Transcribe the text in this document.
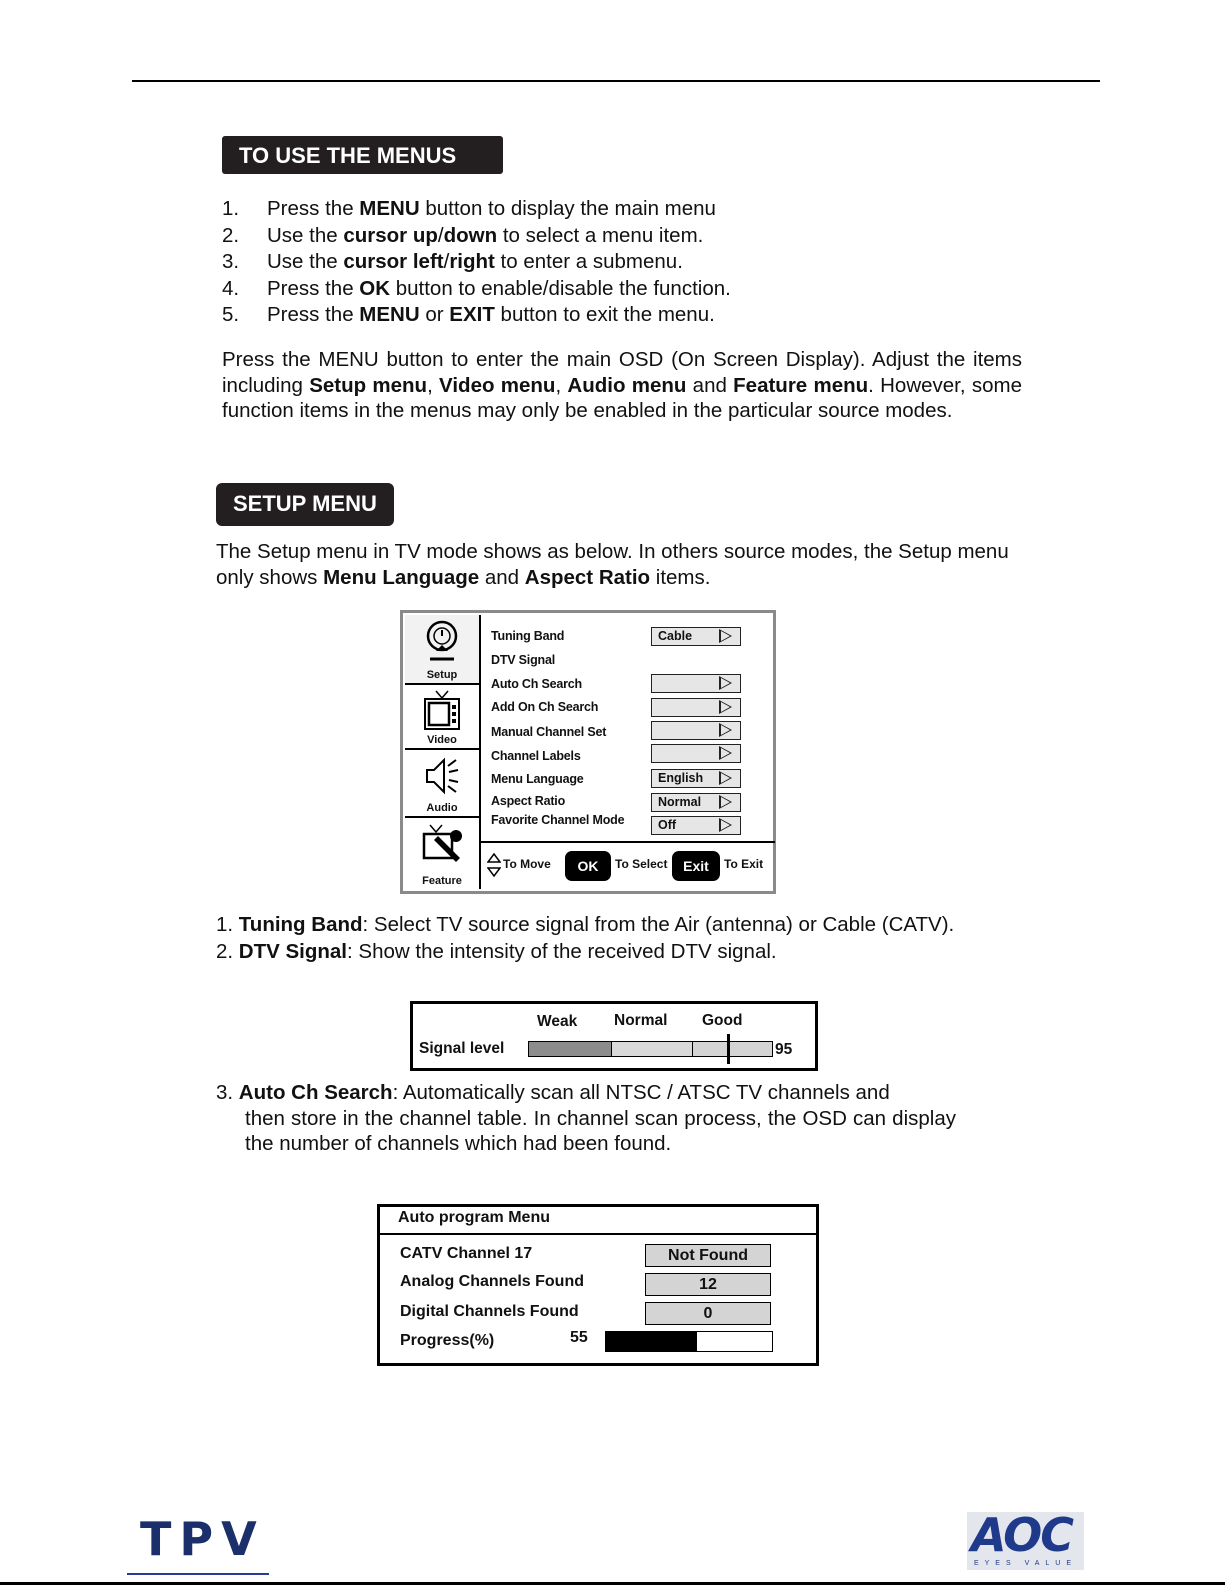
TO USE THE MENUS
1. Press the MENU button to display the main menu
2. Use the cursor up/down to select a menu item.
3. Use the cursor left/right to enter a submenu.
4. Press the OK button to enable/disable the function.
5. Press the MENU or EXIT button to exit the menu.

Press the MENU button to enter the main OSD (On Screen Display). Adjust the items including Setup menu, Video menu, Audio menu and Feature menu. However, some function items in the menus may only be enabled in the particular source modes.

SETUP MENU

The Setup menu in TV mode shows as below. In others source modes, the Setup menu only shows Menu Language and Aspect Ratio items.

Setup
Video
Audio
Feature
Tuning Band	Cable
DTV Signal
Auto Ch Search
Add On Ch Search
Manual Channel Set
Channel Labels
Menu Language	English
Aspect Ratio	Normal
Favorite Channel Mode	Off
To Move	OK	To Select	Exit	To Exit
1. Tuning Band: Select TV source signal from the Air (antenna) or Cable (CATV).
2. DTV Signal: Show the intensity of the received DTV signal.
Weak Normal Good
Signal level	95
3. Auto Ch Search: Automatically scan all NTSC / ATSC TV channels and
then store in the channel table. In channel scan process, the OSD can display the number of channels which had been found.
Auto program Menu
CATV Channel 17	Not Found
Analog Channels Found	12
Digital Channels Found	0
Progress(%)	55
TPV	AOC
EYES VALUE
